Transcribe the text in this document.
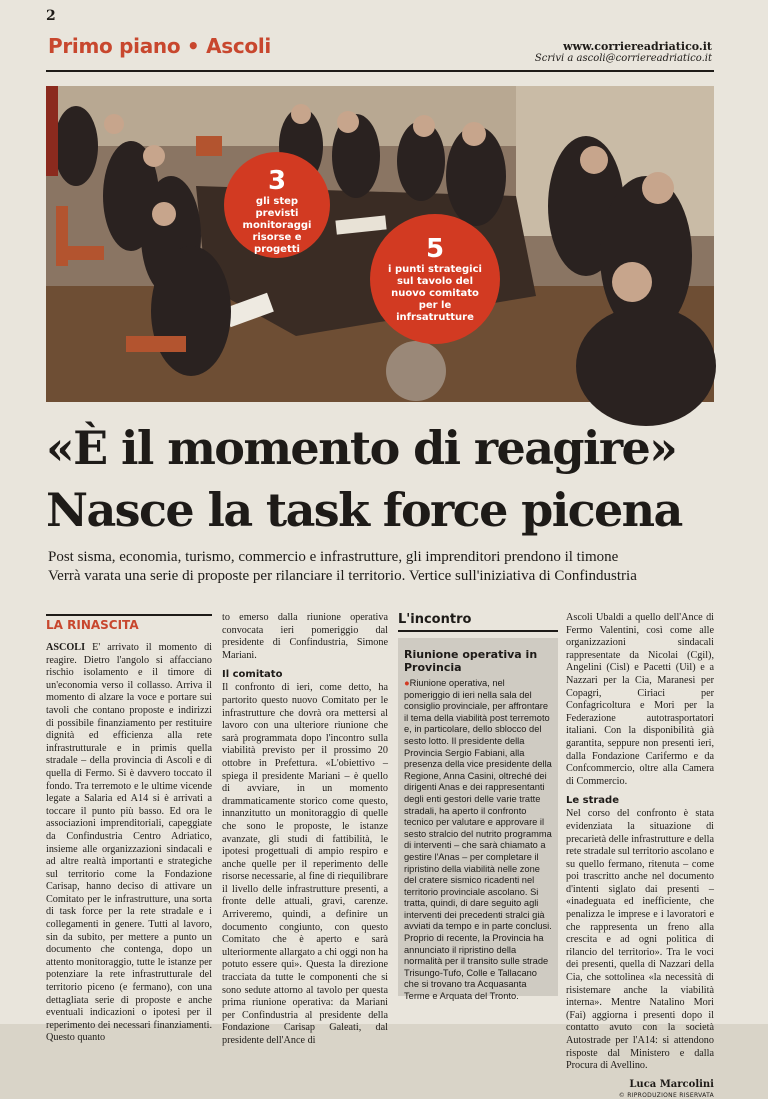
2
Primo piano • Ascoli	www.corriereadriatico.it
Scrivi a ascoli@corriereadriatico.it
3
gli step previsti monitoraggi risorse e progetti	5
i punti strategici sul tavolo del nuovo comitato per le infrsatrutture
«È il momento di reagire»
Nasce la task force picena
Post sisma, economia, turismo, commercio e infrastrutture, gli imprenditori prendono il timone
Verrà varata una serie di proposte per rilanciare il territorio. Vertice sull'iniziativa di Confindustria
LA RINASCITA

ASCOLI E' arrivato il momento di reagire. Dietro l'angolo si affacciano rischio isolamento e il timore di un'economia verso il collasso. Arriva il momento di alzare la voce e portare sui tavoli che contano proposte e indirizzi di possibile finanziamento per restituire dignità ed efficienza alla rete infrastrutturale e in primis quella stradale – della provincia di Ascoli e di quella di Fermo. Si è davvero toccato il fondo. Tra terremoto e le ultime vicende legate a Salaria ed A14 si è arrivati a toccare il punto più basso. Ed ora le associazioni imprenditoriali, capeggiate da Confindustria Centro Adriatico, insieme alle organizzazioni sindacali e ad altre realtà importanti e strategiche sul territorio come la Fondazione Carisap, hanno deciso di attivare un Comitato per le infrastrutture, una sorta di task force per la rete stradale e i collegamenti in genere. Tutti al lavoro, sin da subito, per mettere a punto un documento che contenga, dopo un attento monitoraggio, tutte le istanze per potenziare la rete infrastrutturale del territorio piceno (e fermano), con una dettagliata serie di proposte e anche eventuali indicazioni o ipotesi per il reperimento dei necessari finanziamenti. Questo quanto

to emerso dalla riunione operativa convocata ieri pomeriggio dal presidente di Confindustria, Simone Mariani.

Il comitato

Il confronto di ieri, come detto, ha partorito questo nuovo Comitato per le infrastrutture che dovrà ora mettersi al lavoro con una ulteriore riunione che sarà programmata dopo l'incontro sulla viabilità previsto per il prossimo 20 ottobre in Prefettura. «L'obiettivo – spiega il presidente Mariani – è quello di avviare, in un momento drammaticamente storico come questo, innanzitutto un monitoraggio di quelle che sono le proposte, le istanze avanzate, gli studi di fattibilità, le ipotesi progettuali di ampio respiro e anche quelle per il reperimento delle risorse necessarie, al fine di riequilibrare il livello delle infrastrutture presenti, a fronte delle attuali, gravi, carenze. Arriveremo, quindi, a definire un documento congiunto, con questo Comitato che è aperto e sarà ulteriormente allargato a chi oggi non ha potuto essere qui». Questa la direzione tracciata da tutte le componenti che si sono sedute attorno al tavolo per questa prima riunione operativa: da Mariani per Confindustria al presidente della Fondazione Carisap Galeati, dal presidente dell'Ance di

L'incontro
Riunione operativa in Provincia
●Riunione operativa, nel pomeriggio di ieri nella sala del consiglio provinciale, per affrontare il tema della viabilità post terremoto e, in particolare, dello sblocco del sesto lotto. Il presidente della Provincia Sergio Fabiani, alla presenza della vice presidente della Regione, Anna Casini, oltreché dei dirigenti Anas e dei rappresentanti degli enti gestori delle varie tratte stradali, ha aperto il confronto tecnico per valutare e approvare il sesto stralcio del nutrito programma di interventi – che sarà chiamato a gestire l'Anas – per completare il ripristino della viabilità nelle zone del cratere sismico ricadenti nel territorio provinciale ascolano. Si tratta, quindi, di dare seguito agli interventi dei precedenti stralci già avviati da tempo e in parte conclusi. Proprio di recente, la Provincia ha annunciato il ripristino della normalità per il transito sulle strade Trisungo-Tufo, Colle e Tallacano che si trovano tra Acquasanta Terme e Arquata del Tronto.

Ascoli Ubaldi a quello dell'Ance di Fermo Valentini, così come alle organizzazioni sindacali rappresentate da Nicolai (Cgil), Angelini (Cisl) e Pacetti (Uil) e a Nazzari per la Cia, Maranesi per Copagri, Ciriaci per Confagricoltura e Mori per la Federazione autotrasportatori italiani. Con la disponibilità già garantita, seppure non presenti ieri, dalla Fondazione Carifermo e da Confcommercio, oltre alla Camera di Commercio.

Le strade

Nel corso del confronto è stata evidenziata la situazione di precarietà delle infrastrutture e della rete stradale sul territorio ascolano e su quello fermano, ritenuta – come poi trascritto anche nel documento d'intenti siglato dai presenti – «inadeguata ed inefficiente, che penalizza le imprese e i lavoratori e che rappresenta un freno alla crescita e ad ogni politica di rilancio del territorio». Tra le voci dei presenti, quella di Nazzari della Cia, che sottolinea «la necessità di risistemare anche la viabilità interna». Mentre Natalino Mori (Fai) aggiorna i presenti dopo il contatto avuto con la società Autostrade per l'A14: si attendono risposte dal Ministero e dalla Procura di Avellino.

Luca Marcolini
© RIPRODUZIONE RISERVATA
